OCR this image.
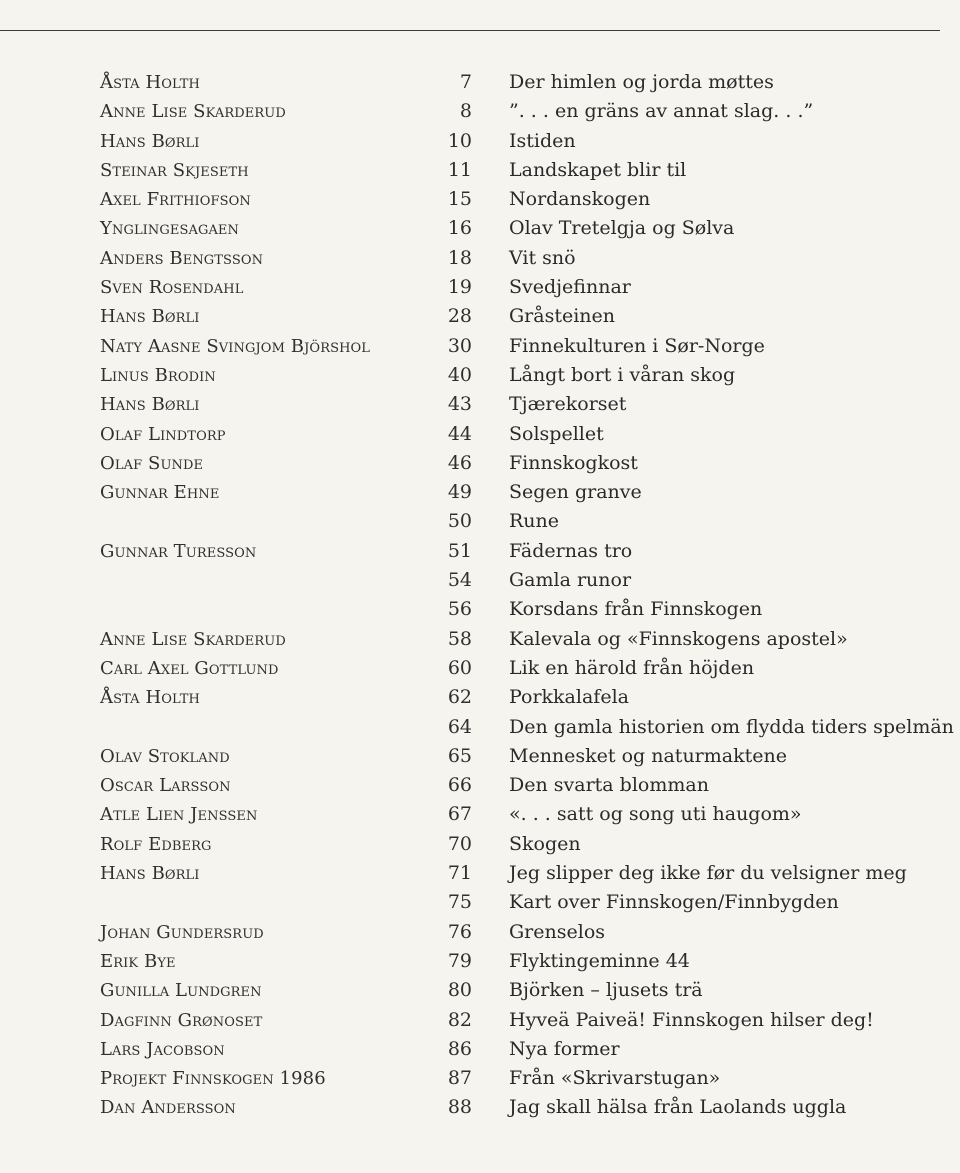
Åsta Holth	7 Der himlen og jorda møttes
Anne Lise Skarderud	8 ”. . . en gräns av annat slag. . .”
Hans Børli	10 Istiden
Steinar Skjeseth	11 Landskapet blir til
Axel Frithiofson	15 Nordanskogen
Ynglingesagaen	16 Olav Tretelgja og Sølva
Anders Bengtsson	18 Vit snö
Sven Rosendahl	19 Svedjefinnar
Hans Børli	28 Gråsteinen
Naty Aasne Svingjom Björshol	30 Finnekulturen i Sør-Norge
Linus Brodin	40 Långt bort i våran skog
Hans Børli	43 Tjærekorset
Olaf Lindtorp	44 Solspellet
Olaf Sunde	46 Finnskogkost
Gunnar Ehne	49 Segen granve
50 Rune
Gunnar Turesson	51 Fädernas tro
54 Gamla runor
56 Korsdans från Finnskogen
Anne Lise Skarderud	58 Kalevala og «Finnskogens apostel»
Carl Axel Gottlund	60 Lik en härold från höjden
Åsta Holth	62 Porkkalafela
64 Den gamla historien om flydda tiders spelmän
Olav Stokland	65 Mennesket og naturmaktene
Oscar Larsson	66 Den svarta blomman
Atle Lien Jenssen	67 «. . . satt og song uti haugom»
Rolf Edberg	70 Skogen
Hans Børli	71 Jeg slipper deg ikke før du velsigner meg
75 Kart over Finnskogen/Finnbygden
Johan Gundersrud	76 Grenselos
Erik Bye	79 Flyktingeminne 44
Gunilla Lundgren	80 Björken – ljusets trä
Dagfinn Grønoset	82 Hyveä Paiveä! Finnskogen hilser deg!
Lars Jacobson	86 Nya former
Projekt Finnskogen 1986	87 Från «Skrivarstugan»
Dan Andersson	88 Jag skall hälsa från Laolands uggla
